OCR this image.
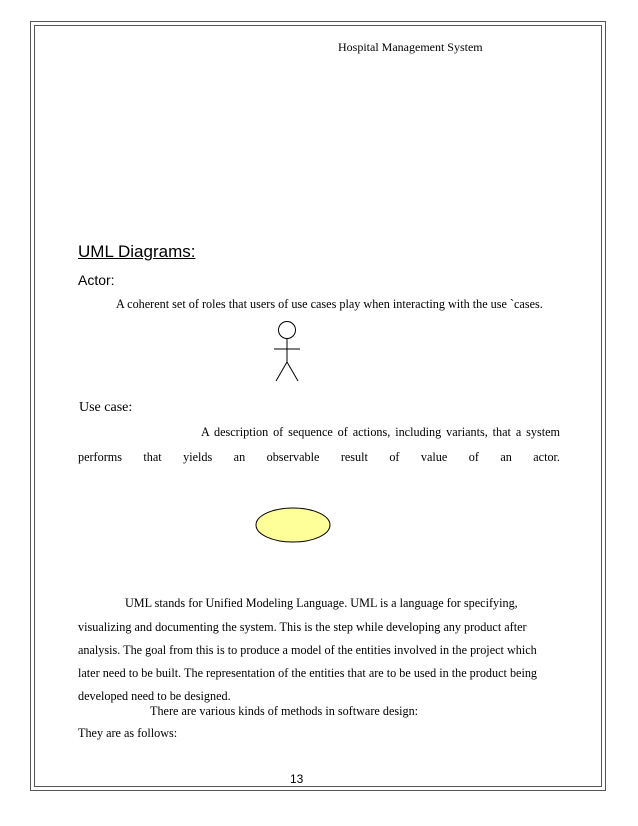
Hospital Management System
UML Diagrams:
Actor:
A coherent set of roles that users of use cases play when interacting with the use `cases.
Use case:
A description of sequence of actions, including variants, that a system
performs that yields an observable result of value of an actor.
UML stands for Unified Modeling Language. UML is a language for specifying,
visualizing and documenting the system. This is the step while developing any product after
analysis. The goal from this is to produce a model of the entities involved in the project which
later need to be built. The representation of the entities that are to be used in the product being
developed need to be designed.
There are various kinds of methods in software design:
They are as follows:
13
